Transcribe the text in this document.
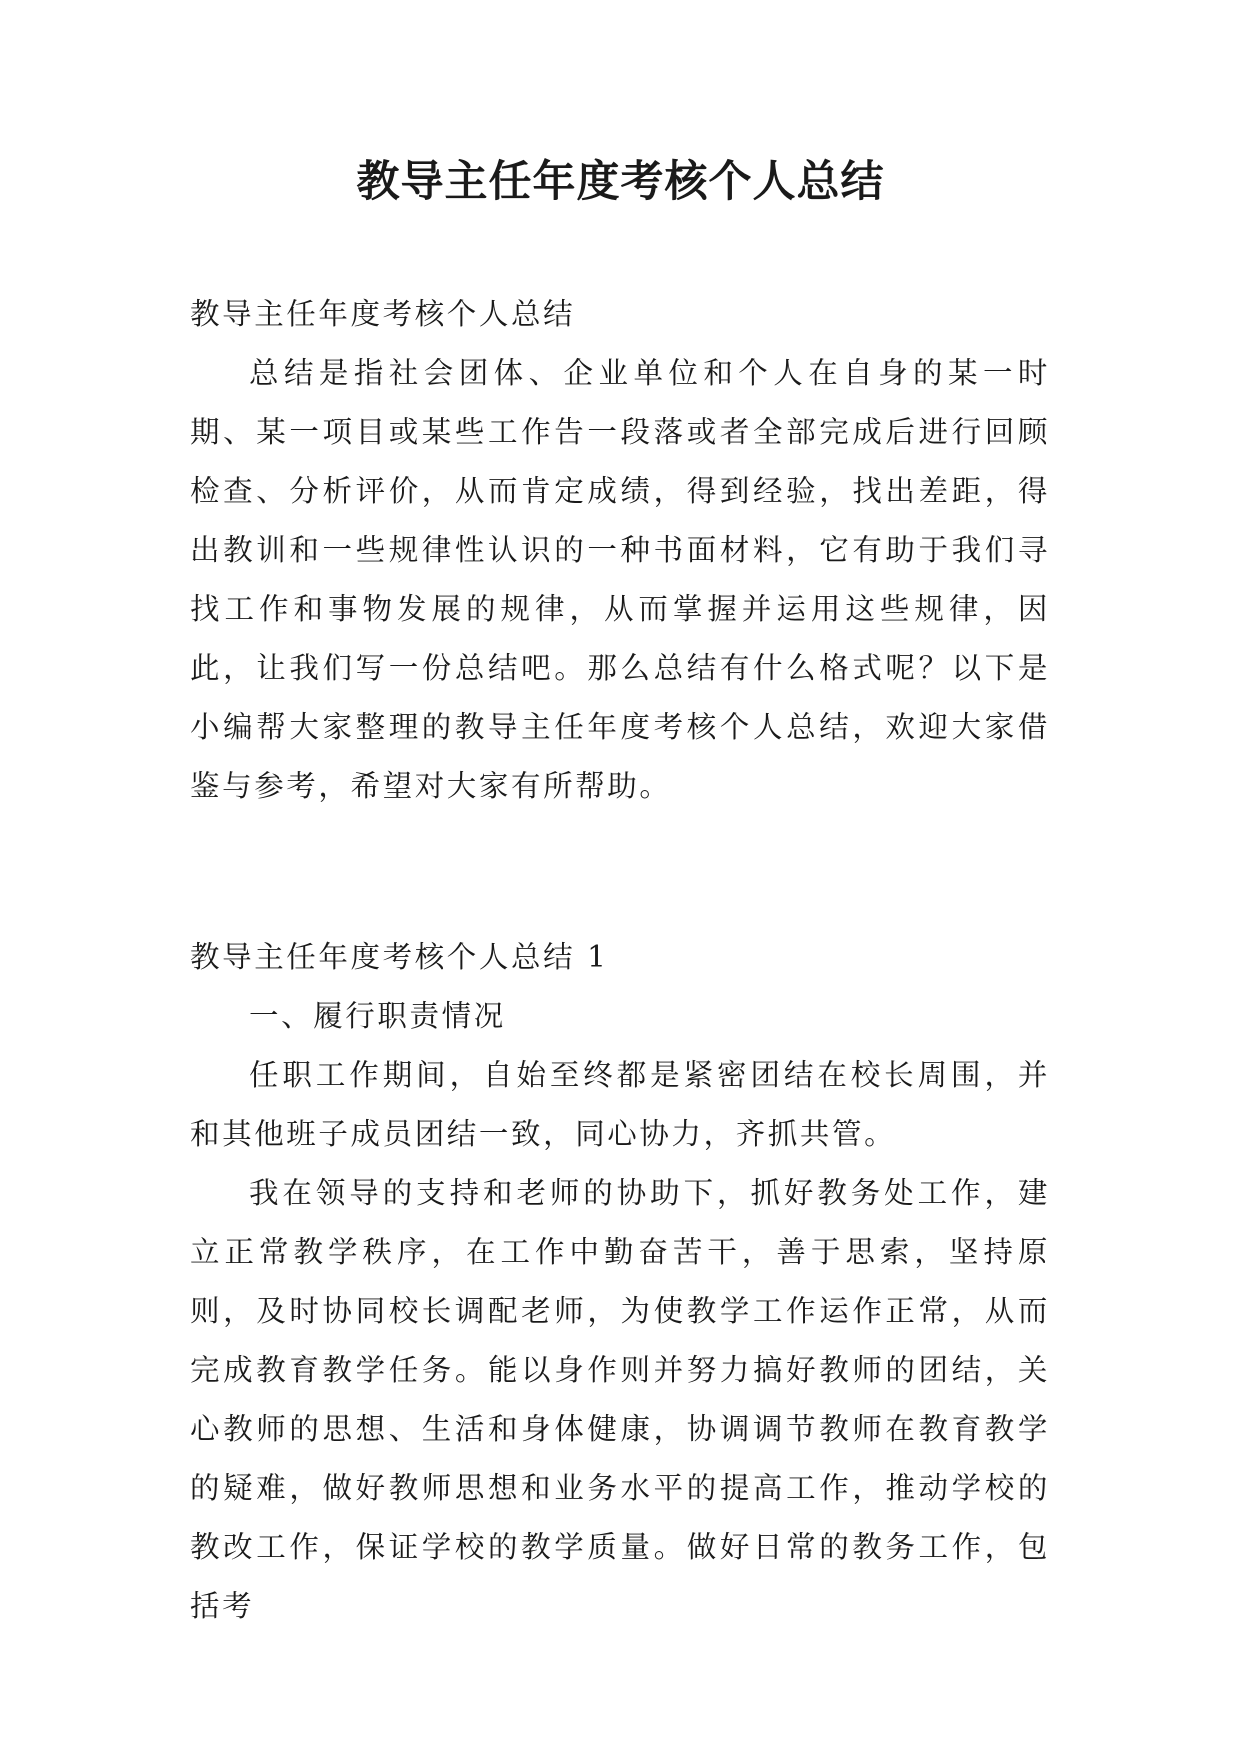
教导主任年度考核个人总结

教导主任年度考核个人总结

总结是指社会团体、企业单位和个人在自身的某一时期、某一项目或某些工作告一段落或者全部完成后进行回顾检查、分析评价，从而肯定成绩，得到经验，找出差距，得出教训和一些规律性认识的一种书面材料，它有助于我们寻找工作和事物发展的规律，从而掌握并运用这些规律，因此，让我们写一份总结吧。那么总结有什么格式呢？以下是小编帮大家整理的教导主任年度考核个人总结，欢迎大家借鉴与参考，希望对大家有所帮助。

教导主任年度考核个人总结 1

一、履行职责情况

任职工作期间，自始至终都是紧密团结在校长周围，并和其他班子成员团结一致，同心协力，齐抓共管。

我在领导的支持和老师的协助下，抓好教务处工作，建立正常教学秩序，在工作中勤奋苦干，善于思索，坚持原则，及时协同校长调配老师，为使教学工作运作正常，从而完成教育教学任务。能以身作则并努力搞好教师的团结，关心教师的思想、生活和身体健康，协调调节教师在教育教学的疑难，做好教师思想和业务水平的提高工作，推动学校的教改工作，保证学校的教学质量。做好日常的教务工作，包括考
